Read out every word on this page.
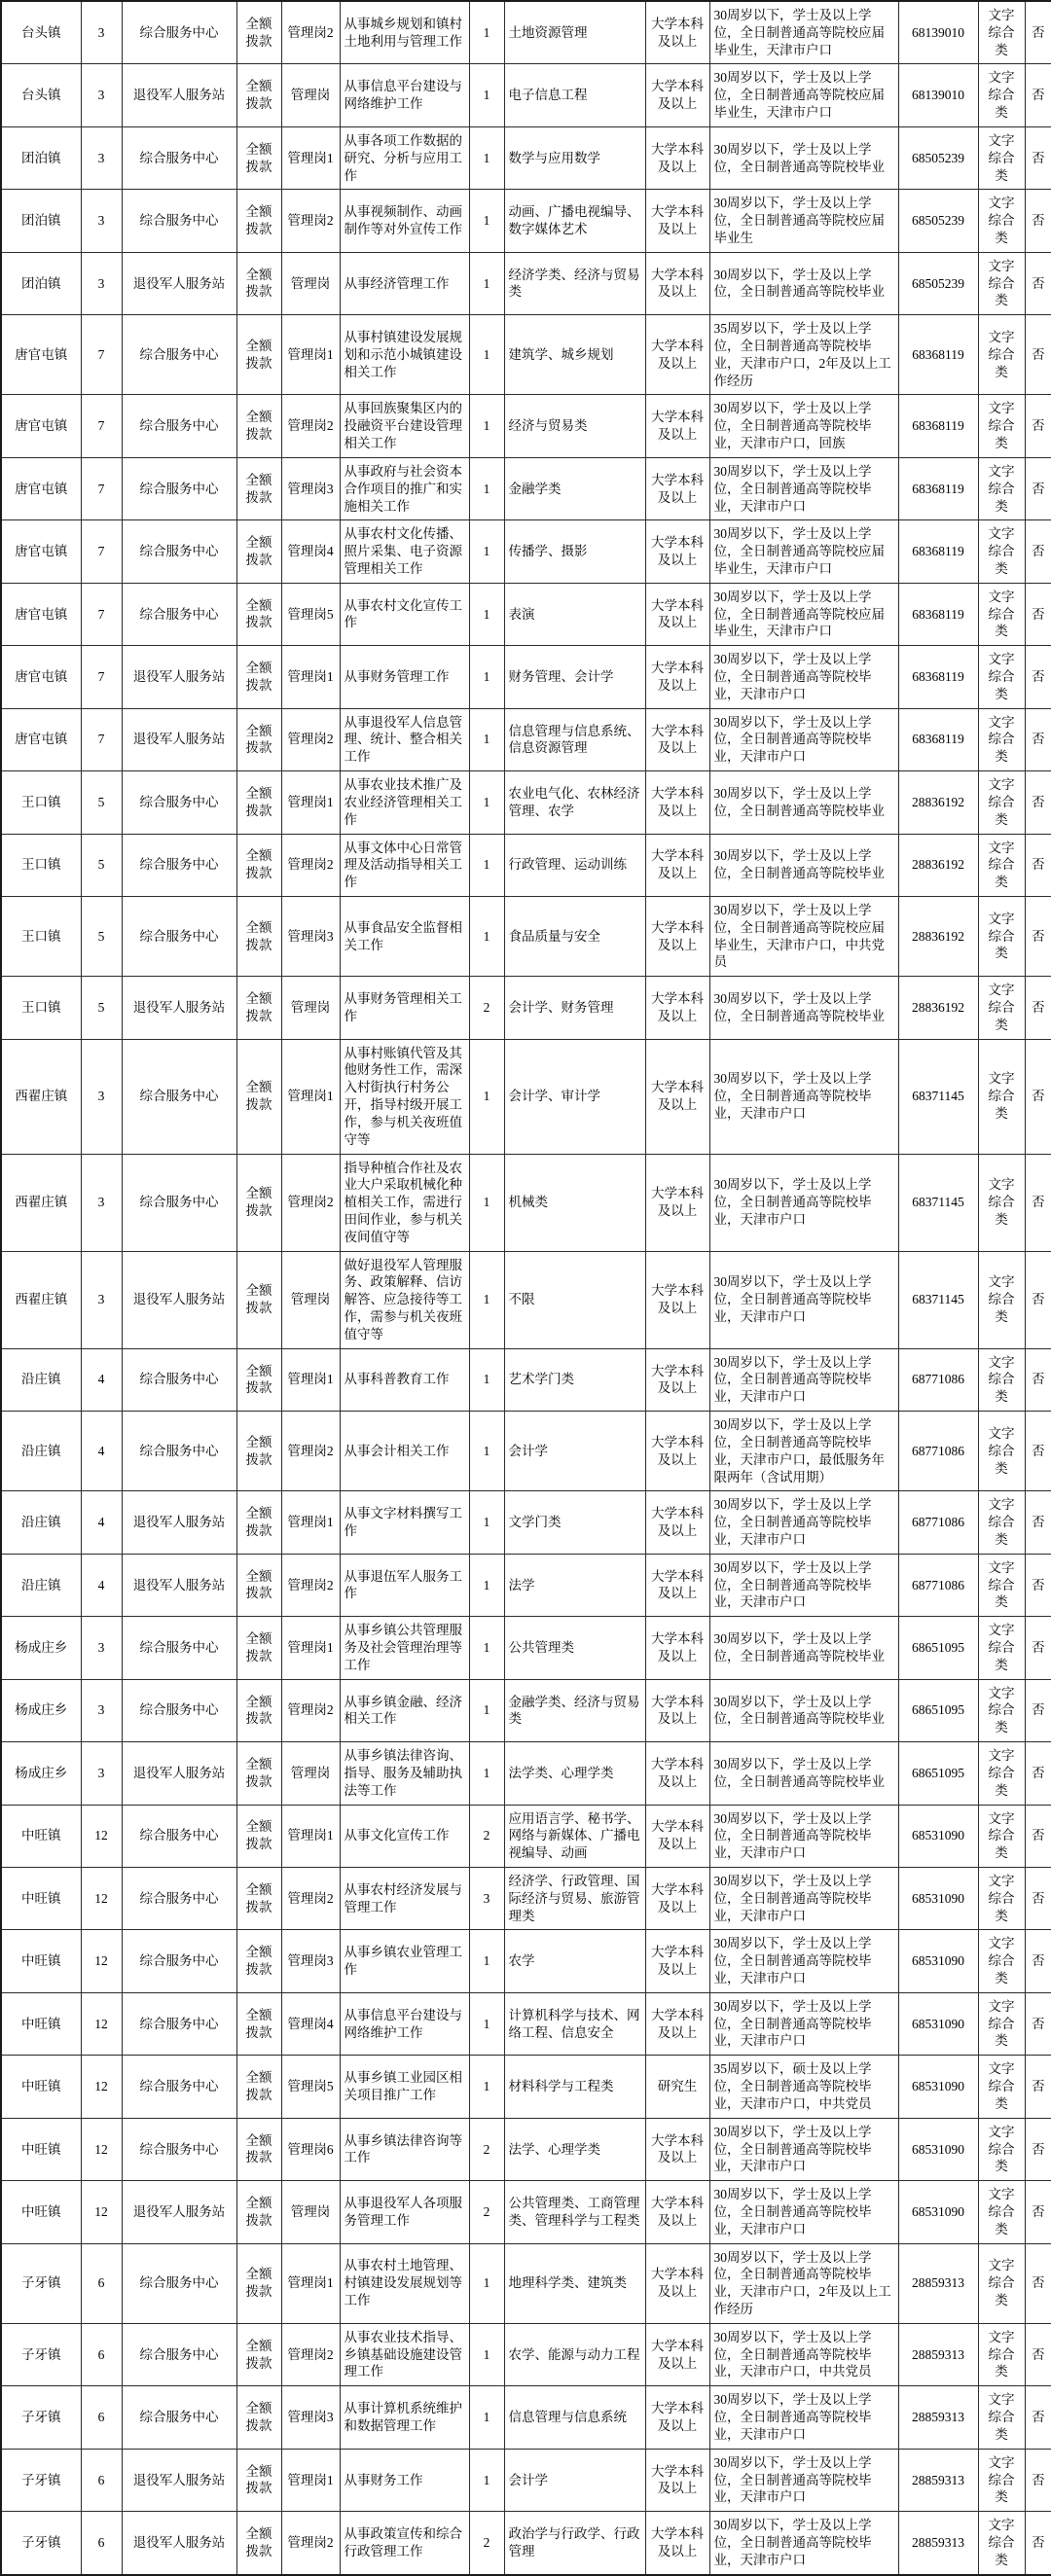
台头镇	3	综合服务中心	全额拨款	管理岗2	从事城乡规划和镇村土地利用与管理工作	1	土地资源管理	大学本科及以上	30周岁以下，学士及以上学位，全日制普通高等院校应届毕业生，天津市户口	68139010	文字综合类	否
台头镇	3	退役军人服务站	全额拨款	管理岗	从事信息平台建设与网络维护工作	1	电子信息工程	大学本科及以上	30周岁以下，学士及以上学位，全日制普通高等院校应届毕业生，天津市户口	68139010	文字综合类	否
团泊镇	3	综合服务中心	全额拨款	管理岗1	从事各项工作数据的研究、分析与应用工作	1	数学与应用数学	大学本科及以上	30周岁以下，学士及以上学位，全日制普通高等院校毕业	68505239	文字综合类	否
团泊镇	3	综合服务中心	全额拨款	管理岗2	从事视频制作、动画制作等对外宣传工作	1	动画、广播电视编导、数字媒体艺术	大学本科及以上	30周岁以下，学士及以上学位，全日制普通高等院校应届毕业生	68505239	文字综合类	否
团泊镇	3	退役军人服务站	全额拨款	管理岗	从事经济管理工作	1	经济学类、经济与贸易类	大学本科及以上	30周岁以下，学士及以上学位，全日制普通高等院校毕业	68505239	文字综合类	否
唐官屯镇	7	综合服务中心	全额拨款	管理岗1	从事村镇建设发展规划和示范小城镇建设相关工作	1	建筑学、城乡规划	大学本科及以上	35周岁以下，学士及以上学位，全日制普通高等院校毕业，天津市户口，2年及以上工作经历	68368119	文字综合类	否
唐官屯镇	7	综合服务中心	全额拨款	管理岗2	从事回族聚集区内的投融资平台建设管理相关工作	1	经济与贸易类	大学本科及以上	30周岁以下，学士及以上学位，全日制普通高等院校毕业，天津市户口，回族	68368119	文字综合类	否
唐官屯镇	7	综合服务中心	全额拨款	管理岗3	从事政府与社会资本合作项目的推广和实施相关工作	1	金融学类	大学本科及以上	30周岁以下，学士及以上学位，全日制普通高等院校毕业，天津市户口	68368119	文字综合类	否
唐官屯镇	7	综合服务中心	全额拨款	管理岗4	从事农村文化传播、照片采集、电子资源管理相关工作	1	传播学、摄影	大学本科及以上	30周岁以下，学士及以上学位，全日制普通高等院校应届毕业生，天津市户口	68368119	文字综合类	否
唐官屯镇	7	综合服务中心	全额拨款	管理岗5	从事农村文化宣传工作	1	表演	大学本科及以上	30周岁以下，学士及以上学位，全日制普通高等院校应届毕业生，天津市户口	68368119	文字综合类	否
唐官屯镇	7	退役军人服务站	全额拨款	管理岗1	从事财务管理工作	1	财务管理、会计学	大学本科及以上	30周岁以下，学士及以上学位，全日制普通高等院校毕业，天津市户口	68368119	文字综合类	否
唐官屯镇	7	退役军人服务站	全额拨款	管理岗2	从事退役军人信息管理、统计、整合相关工作	1	信息管理与信息系统、信息资源管理	大学本科及以上	30周岁以下，学士及以上学位，全日制普通高等院校毕业，天津市户口	68368119	文字综合类	否
王口镇	5	综合服务中心	全额拨款	管理岗1	从事农业技术推广及农业经济管理相关工作	1	农业电气化、农林经济管理、农学	大学本科及以上	30周岁以下，学士及以上学位，全日制普通高等院校毕业	28836192	文字综合类	否
王口镇	5	综合服务中心	全额拨款	管理岗2	从事文体中心日常管理及活动指导相关工作	1	行政管理、运动训练	大学本科及以上	30周岁以下，学士及以上学位，全日制普通高等院校毕业	28836192	文字综合类	否
王口镇	5	综合服务中心	全额拨款	管理岗3	从事食品安全监督相关工作	1	食品质量与安全	大学本科及以上	30周岁以下，学士及以上学位，全日制普通高等院校应届毕业生，天津市户口，中共党员	28836192	文字综合类	否
王口镇	5	退役军人服务站	全额拨款	管理岗	从事财务管理相关工作	2	会计学、财务管理	大学本科及以上	30周岁以下，学士及以上学位，全日制普通高等院校毕业	28836192	文字综合类	否
西翟庄镇	3	综合服务中心	全额拨款	管理岗1	从事村账镇代管及其他财务性工作，需深入村街执行村务公开，指导村级开展工作，参与机关夜班值守等	1	会计学、审计学	大学本科及以上	30周岁以下，学士及以上学位，全日制普通高等院校毕业，天津市户口	68371145	文字综合类	否
西翟庄镇	3	综合服务中心	全额拨款	管理岗2	指导种植合作社及农业大户采取机械化种植相关工作，需进行田间作业，参与机关夜间值守等	1	机械类	大学本科及以上	30周岁以下，学士及以上学位，全日制普通高等院校毕业，天津市户口	68371145	文字综合类	否
西翟庄镇	3	退役军人服务站	全额拨款	管理岗	做好退役军人管理服务、政策解释、信访解答、应急接待等工作，需参与机关夜班值守等	1	不限	大学本科及以上	30周岁以下，学士及以上学位，全日制普通高等院校毕业，天津市户口	68371145	文字综合类	否
沿庄镇	4	综合服务中心	全额拨款	管理岗1	从事科普教育工作	1	艺术学门类	大学本科及以上	30周岁以下，学士及以上学位，全日制普通高等院校毕业，天津市户口	68771086	文字综合类	否
沿庄镇	4	综合服务中心	全额拨款	管理岗2	从事会计相关工作	1	会计学	大学本科及以上	30周岁以下，学士及以上学位，全日制普通高等院校毕业，天津市户口，最低服务年限两年（含试用期）	68771086	文字综合类	否
沿庄镇	4	退役军人服务站	全额拨款	管理岗1	从事文字材料撰写工作	1	文学门类	大学本科及以上	30周岁以下，学士及以上学位，全日制普通高等院校毕业，天津市户口	68771086	文字综合类	否
沿庄镇	4	退役军人服务站	全额拨款	管理岗2	从事退伍军人服务工作	1	法学	大学本科及以上	30周岁以下，学士及以上学位，全日制普通高等院校毕业，天津市户口	68771086	文字综合类	否
杨成庄乡	3	综合服务中心	全额拨款	管理岗1	从事乡镇公共管理服务及社会管理治理等工作	1	公共管理类	大学本科及以上	30周岁以下，学士及以上学位，全日制普通高等院校毕业	68651095	文字综合类	否
杨成庄乡	3	综合服务中心	全额拨款	管理岗2	从事乡镇金融、经济相关工作	1	金融学类、经济与贸易类	大学本科及以上	30周岁以下，学士及以上学位，全日制普通高等院校毕业	68651095	文字综合类	否
杨成庄乡	3	退役军人服务站	全额拨款	管理岗	从事乡镇法律咨询、指导、服务及辅助执法等工作	1	法学类、心理学类	大学本科及以上	30周岁以下，学士及以上学位，全日制普通高等院校毕业	68651095	文字综合类	否
中旺镇	12	综合服务中心	全额拨款	管理岗1	从事文化宣传工作	2	应用语言学、秘书学、网络与新媒体、广播电视编导、动画	大学本科及以上	30周岁以下，学士及以上学位，全日制普通高等院校毕业，天津市户口	68531090	文字综合类	否
中旺镇	12	综合服务中心	全额拨款	管理岗2	从事农村经济发展与管理工作	3	经济学、行政管理、国际经济与贸易、旅游管理类	大学本科及以上	30周岁以下，学士及以上学位，全日制普通高等院校毕业，天津市户口	68531090	文字综合类	否
中旺镇	12	综合服务中心	全额拨款	管理岗3	从事乡镇农业管理工作	1	农学	大学本科及以上	30周岁以下，学士及以上学位，全日制普通高等院校毕业，天津市户口	68531090	文字综合类	否
中旺镇	12	综合服务中心	全额拨款	管理岗4	从事信息平台建设与网络维护工作	1	计算机科学与技术、网络工程、信息安全	大学本科及以上	30周岁以下，学士及以上学位，全日制普通高等院校毕业，天津市户口	68531090	文字综合类	否
中旺镇	12	综合服务中心	全额拨款	管理岗5	从事乡镇工业园区相关项目推广工作	1	材料科学与工程类	研究生	35周岁以下，硕士及以上学位，全日制普通高等院校毕业，天津市户口，中共党员	68531090	文字综合类	否
中旺镇	12	综合服务中心	全额拨款	管理岗6	从事乡镇法律咨询等工作	2	法学、心理学类	大学本科及以上	30周岁以下，学士及以上学位，全日制普通高等院校毕业，天津市户口	68531090	文字综合类	否
中旺镇	12	退役军人服务站	全额拨款	管理岗	从事退役军人各项服务管理工作	2	公共管理类、工商管理类、管理科学与工程类	大学本科及以上	30周岁以下，学士及以上学位，全日制普通高等院校毕业，天津市户口	68531090	文字综合类	否
子牙镇	6	综合服务中心	全额拨款	管理岗1	从事农村土地管理、村镇建设发展规划等工作	1	地理科学类、建筑类	大学本科及以上	30周岁以下，学士及以上学位，全日制普通高等院校毕业，天津市户口，2年及以上工作经历	28859313	文字综合类	否
子牙镇	6	综合服务中心	全额拨款	管理岗2	从事农业技术指导、乡镇基础设施建设管理工作	1	农学、能源与动力工程	大学本科及以上	30周岁以下，学士及以上学位，全日制普通高等院校毕业，天津市户口，中共党员	28859313	文字综合类	否
子牙镇	6	综合服务中心	全额拨款	管理岗3	从事计算机系统维护和数据管理工作	1	信息管理与信息系统	大学本科及以上	30周岁以下，学士及以上学位，全日制普通高等院校毕业，天津市户口	28859313	文字综合类	否
子牙镇	6	退役军人服务站	全额拨款	管理岗1	从事财务工作	1	会计学	大学本科及以上	30周岁以下，学士及以上学位，全日制普通高等院校毕业，天津市户口	28859313	文字综合类	否
子牙镇	6	退役军人服务站	全额拨款	管理岗2	从事政策宣传和综合行政管理工作	2	政治学与行政学、行政管理	大学本科及以上	30周岁以下，学士及以上学位，全日制普通高等院校毕业，天津市户口	28859313	文字综合类	否
